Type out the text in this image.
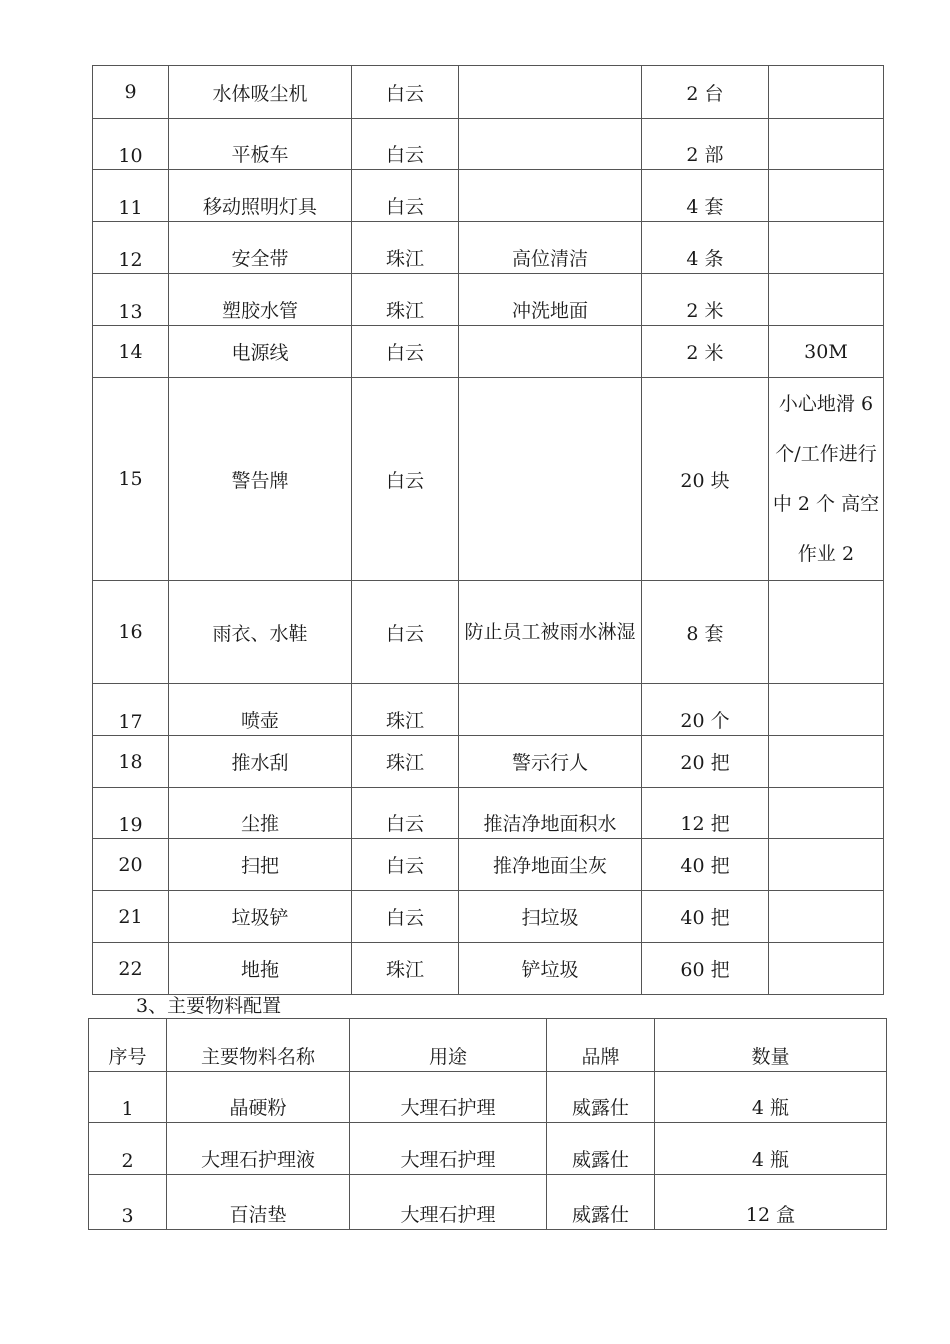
9	水体吸尘机	白云		2 台	
10	平板车	白云		2 部	
11	移动照明灯具	白云		4 套	
12	安全带	珠江	高位清洁	4 条	
13	塑胶水管	珠江	冲洗地面	2 米	
14	电源线	白云		2 米	30M
15	警告牌	白云		20 块	小心地滑 6 个/工作进行中 2 个 高空作业 2
16	雨衣、水鞋	白云	防止员工被雨水淋湿	8 套	
17	喷壶	珠江		20 个	
18	推水刮	珠江	警示行人	20 把	
19	尘推	白云	推洁净地面积水	12 把	
20	扫把	白云	推净地面尘灰	40 把	
21	垃圾铲	白云	扫垃圾	40 把	
22	地拖	珠江	铲垃圾	60 把	

3、主要物料配置

序号	主要物料名称	用途	品牌	数量
1	晶硬粉	大理石护理	威露仕	4 瓶
2	大理石护理液	大理石护理	威露仕	4 瓶
3	百洁垫	大理石护理	威露仕	12 盒
